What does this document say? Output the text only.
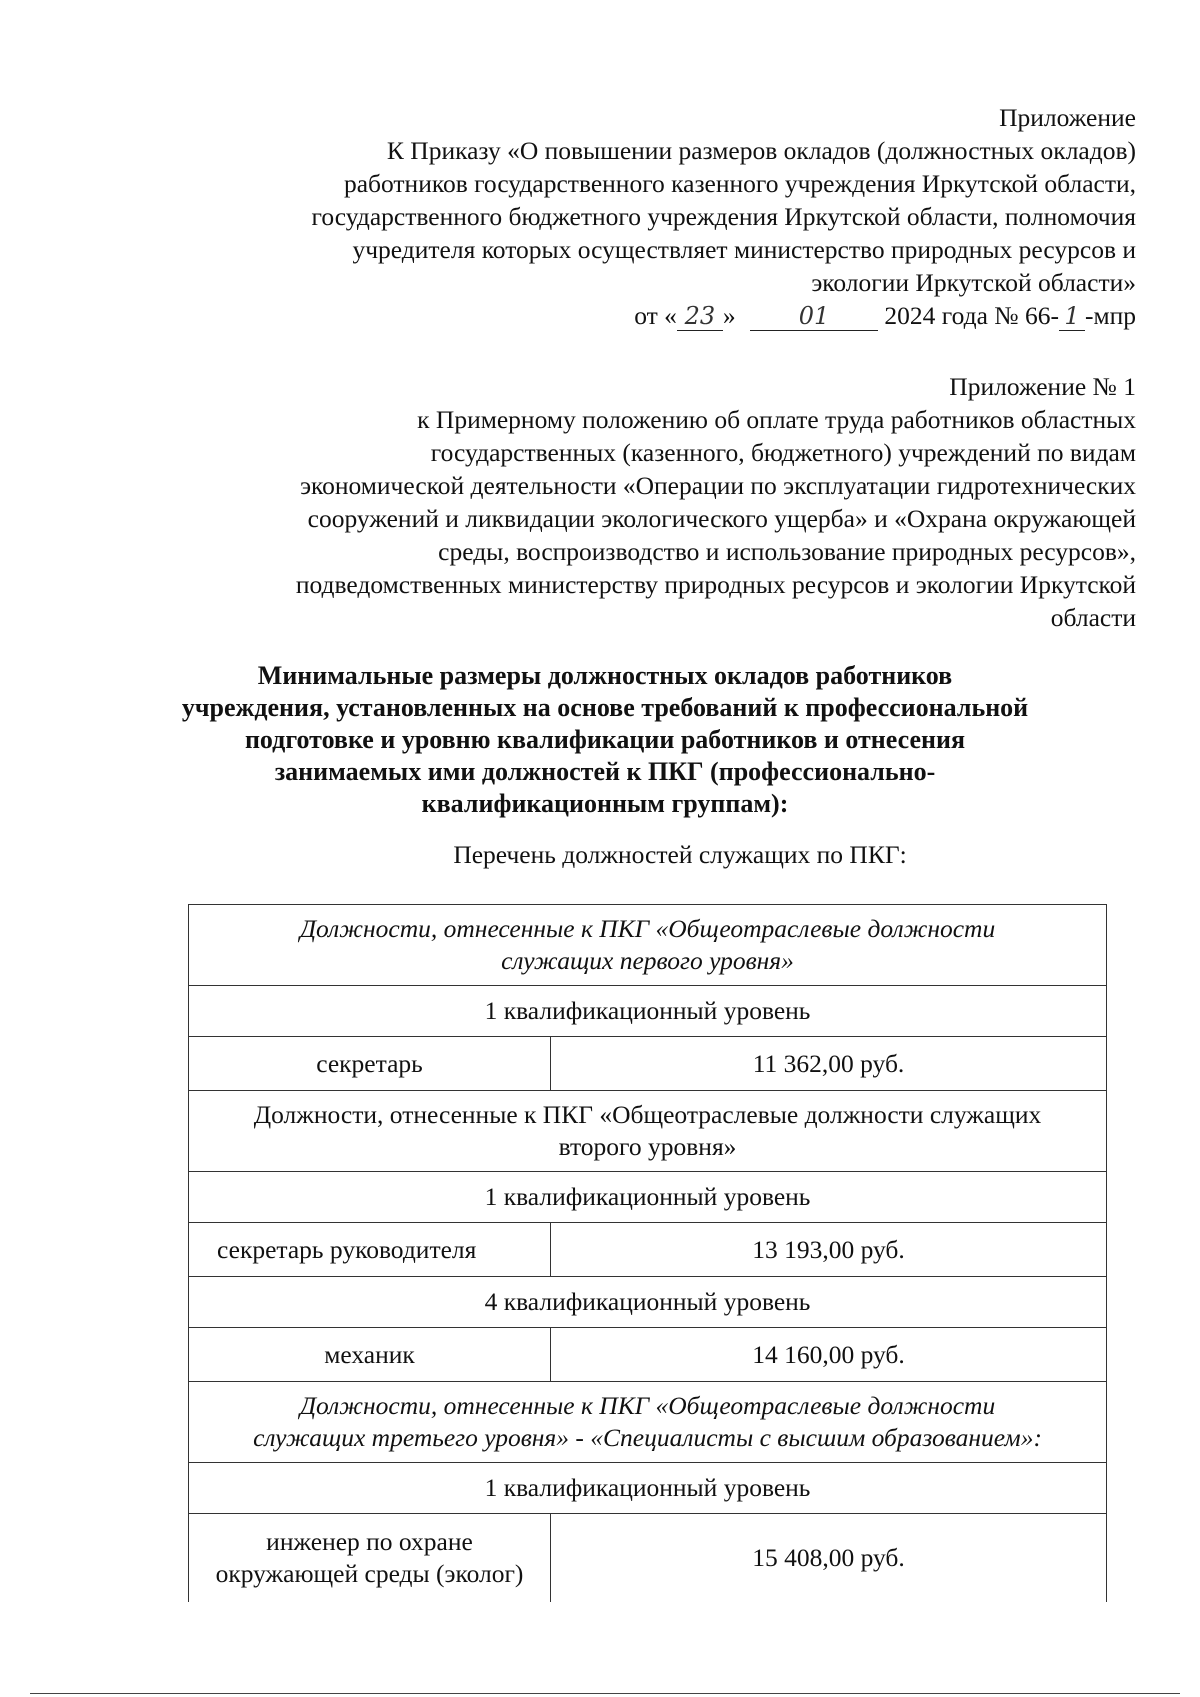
Приложение
К Приказу «О повышении размеров окладов (должностных окладов)
работников государственного казенного учреждения Иркутской области,
государственного бюджетного учреждения Иркутской области, полномочия
учредителя которых осуществляет министерство природных ресурсов и
экологии Иркутской области»
от « 23 »	01 2024 года № 66- 1 -мпр
Приложение № 1
к Примерному положению об оплате труда работников областных
государственных (казенного, бюджетного) учреждений по видам
экономической деятельности «Операции по эксплуатации гидротехнических
сооружений и ликвидации экологического ущерба» и «Охрана окружающей
среды, воспроизводство и использование природных ресурсов»,
подведомственных министерству природных ресурсов и экологии Иркутской
области
Минимальные размеры должностных окладов работников
учреждения, установленных на основе требований к профессиональной
подготовке и уровню квалификации работников и отнесения
занимаемых ими должностей к ПКГ (профессионально-
квалификационным группам):
Перечень должностей служащих по ПКГ:
Должности, отнесенные к ПКГ «Общеотраслевые должности
служащих первого уровня»	

1 квалификационный уровень	
секретарь	11 362,00 руб.

Должности, отнесенные к ПКГ «Общеотраслевые должности служащих
второго уровня»	

1 квалификационный уровень	
секретарь руководителя	13 193,00 руб.
4 квалификационный уровень	
механик	14 160,00 руб.

Должности, отнесенные к ПКГ «Общеотраслевые должности
служащих третьего уровня» - «Специалисты с высшим образованием»:	

1 квалификационный уровень	

инженер по охране
окружающей среды (эколог)	15 408,00 руб.
